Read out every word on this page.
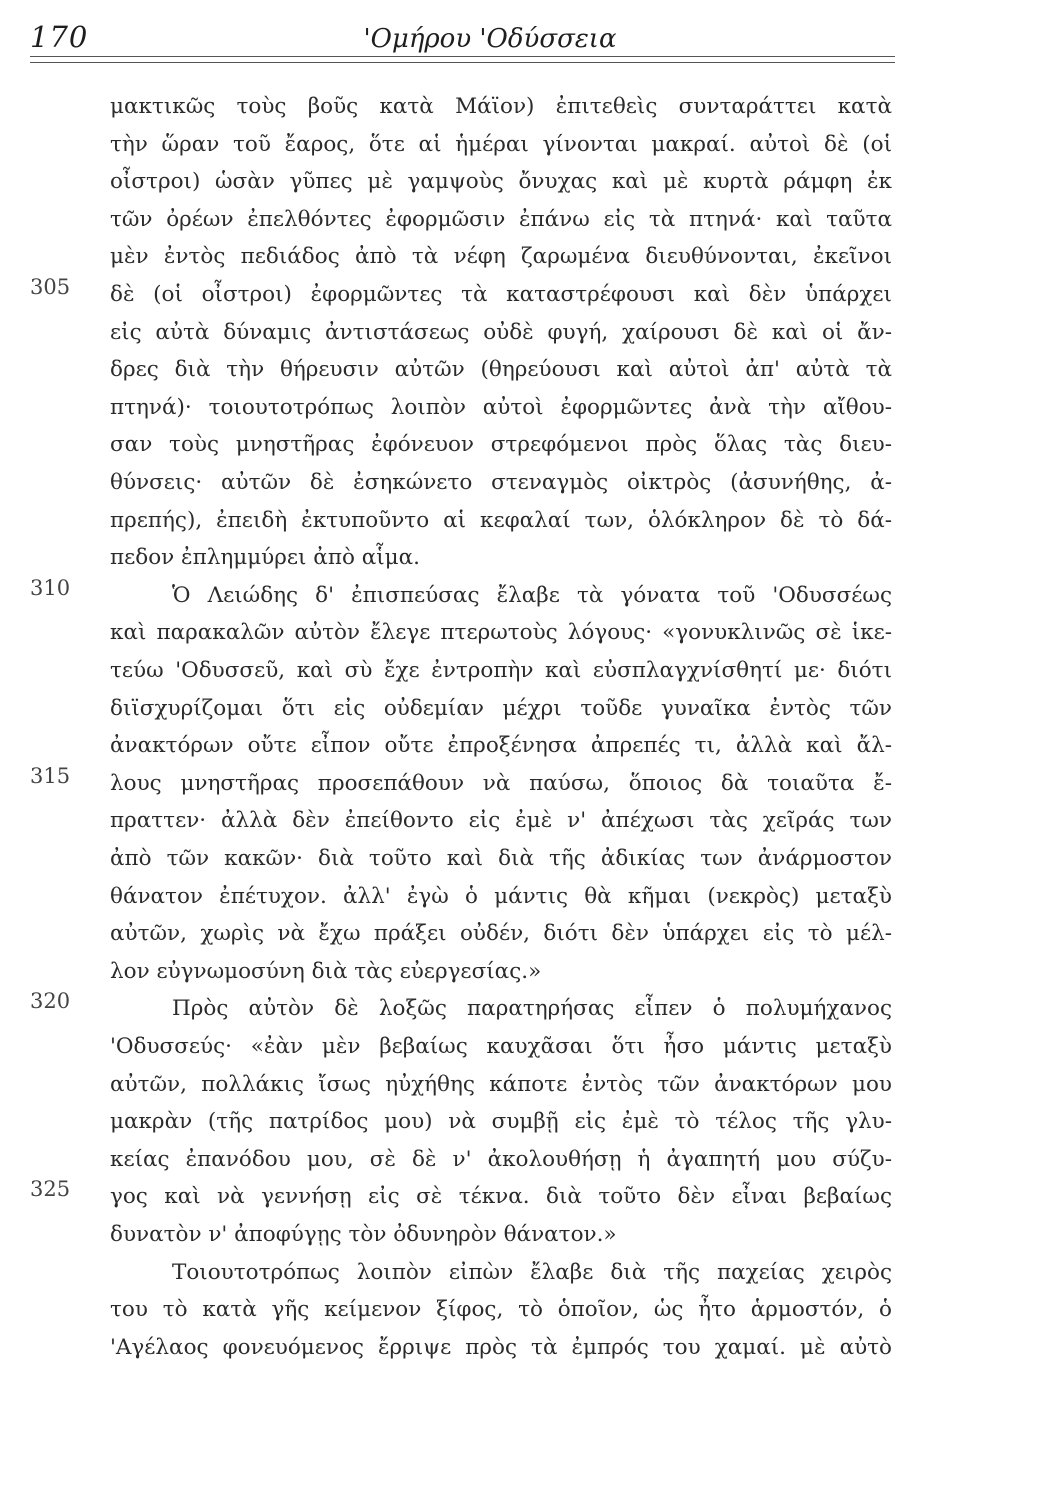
170	'Ομήρου 'Οδύσσεια
305
310
315
320
325
μακτικῶς τοὺς βοῦς κατὰ Μάϊον) ἐπιτεθεὶς συνταράττει κατὰ
τὴν ὥραν τοῦ ἔαρος, ὅτε αἱ ἡμέραι γίνονται μακραί. αὐτοὶ δὲ (οἱ
οἶστροι) ὡσὰν γῦπες μὲ γαμψοὺς ὄνυχας καὶ μὲ κυρτὰ ράμφη ἐκ
τῶν ὀρέων ἐπελθόντες ἐφορμῶσιν ἐπάνω εἰς τὰ πτηνά· καὶ ταῦτα
μὲν ἐντὸς πεδιάδος ἀπὸ τὰ νέφη ζαρωμένα διευθύνονται, ἐκεῖνοι
δὲ (οἱ οἶστροι) ἐφορμῶντες τὰ καταστρέφουσι καὶ δὲν ὑπάρχει
εἰς αὐτὰ δύναμις ἀντιστάσεως οὐδὲ φυγή, χαίρουσι δὲ καὶ οἱ ἄν-
δρες διὰ τὴν θήρευσιν αὐτῶν (θηρεύουσι καὶ αὐτοὶ ἀπ' αὐτὰ τὰ
πτηνά)· τοιουτοτρόπως λοιπὸν αὐτοὶ ἐφορμῶντες ἀνὰ τὴν αἴθου-
σαν τοὺς μνηστῆρας ἐφόνευον στρεφόμενοι πρὸς ὅλας τὰς διευ-
θύνσεις· αὐτῶν δὲ ἐσηκώνετο στεναγμὸς οἰκτρὸς (ἀσυνήθης, ἀ-
πρεπής), ἐπειδὴ ἐκτυποῦντο αἱ κεφαλαί των, ὁλόκληρον δὲ τὸ δά-
πεδον ἐπλημμύρει ἀπὸ αἷμα.
Ὁ Λειώδης δ' ἐπισπεύσας ἔλαβε τὰ γόνατα τοῦ 'Οδυσσέως
καὶ παρακαλῶν αὐτὸν ἔλεγε πτερωτοὺς λόγους· «γονυκλινῶς σὲ ἱκε-
τεύω 'Οδυσσεῦ, καὶ σὺ ἔχε ἐντροπὴν καὶ εὐσπλαγχνίσθητί με· διότι
διϊσχυρίζομαι ὅτι εἰς οὐδεμίαν μέχρι τοῦδε γυναῖκα ἐντὸς τῶν
ἀνακτόρων οὔτε εἶπον οὔτε ἐπροξένησα ἀπρεπές τι, ἀλλὰ καὶ ἄλ-
λους μνηστῆρας προσεπάθουν νὰ παύσω, ὅποιος δὰ τοιαῦτα ἔ-
πραττεν· ἀλλὰ δὲν ἐπείθοντο εἰς ἐμὲ ν' ἀπέχωσι τὰς χεῖράς των
ἀπὸ τῶν κακῶν· διὰ τοῦτο καὶ διὰ τῆς ἀδικίας των ἀνάρμοστον
θάνατον ἐπέτυχον. ἀλλ' ἐγὼ ὁ μάντις θὰ κῆμαι (νεκρὸς) μεταξὺ
αὐτῶν, χωρὶς νὰ ἔχω πράξει οὐδέν, διότι δὲν ὑπάρχει εἰς τὸ μέλ-
λον εὐγνωμοσύνη διὰ τὰς εὐεργεσίας.»
Πρὸς αὐτὸν δὲ λοξῶς παρατηρήσας εἶπεν ὁ πολυμήχανος
'Οδυσσεύς· «ἐὰν μὲν βεβαίως καυχᾶσαι ὅτι ἦσο μάντις μεταξὺ
αὐτῶν, πολλάκις ἴσως ηὐχήθης κάποτε ἐντὸς τῶν ἀνακτόρων μου
μακρὰν (τῆς πατρίδος μου) νὰ συμβῇ εἰς ἐμὲ τὸ τέλος τῆς γλυ-
κείας ἐπανόδου μου, σὲ δὲ ν' ἀκολουθήσῃ ἡ ἀγαπητή μου σύζυ-
γος καὶ νὰ γεννήσῃ εἰς σὲ τέκνα. διὰ τοῦτο δὲν εἶναι βεβαίως
δυνατὸν ν' ἀποφύγῃς τὸν ὀδυνηρὸν θάνατον.»
Τοιουτοτρόπως λοιπὸν εἰπὼν ἔλαβε διὰ τῆς παχείας χειρὸς
του τὸ κατὰ γῆς κείμενον ξίφος, τὸ ὁποῖον, ὡς ἦτο ἁρμοστόν, ὁ
'Αγέλαος φονευόμενος ἔρριψε πρὸς τὰ ἐμπρός του χαμαί. μὲ αὐτὸ
